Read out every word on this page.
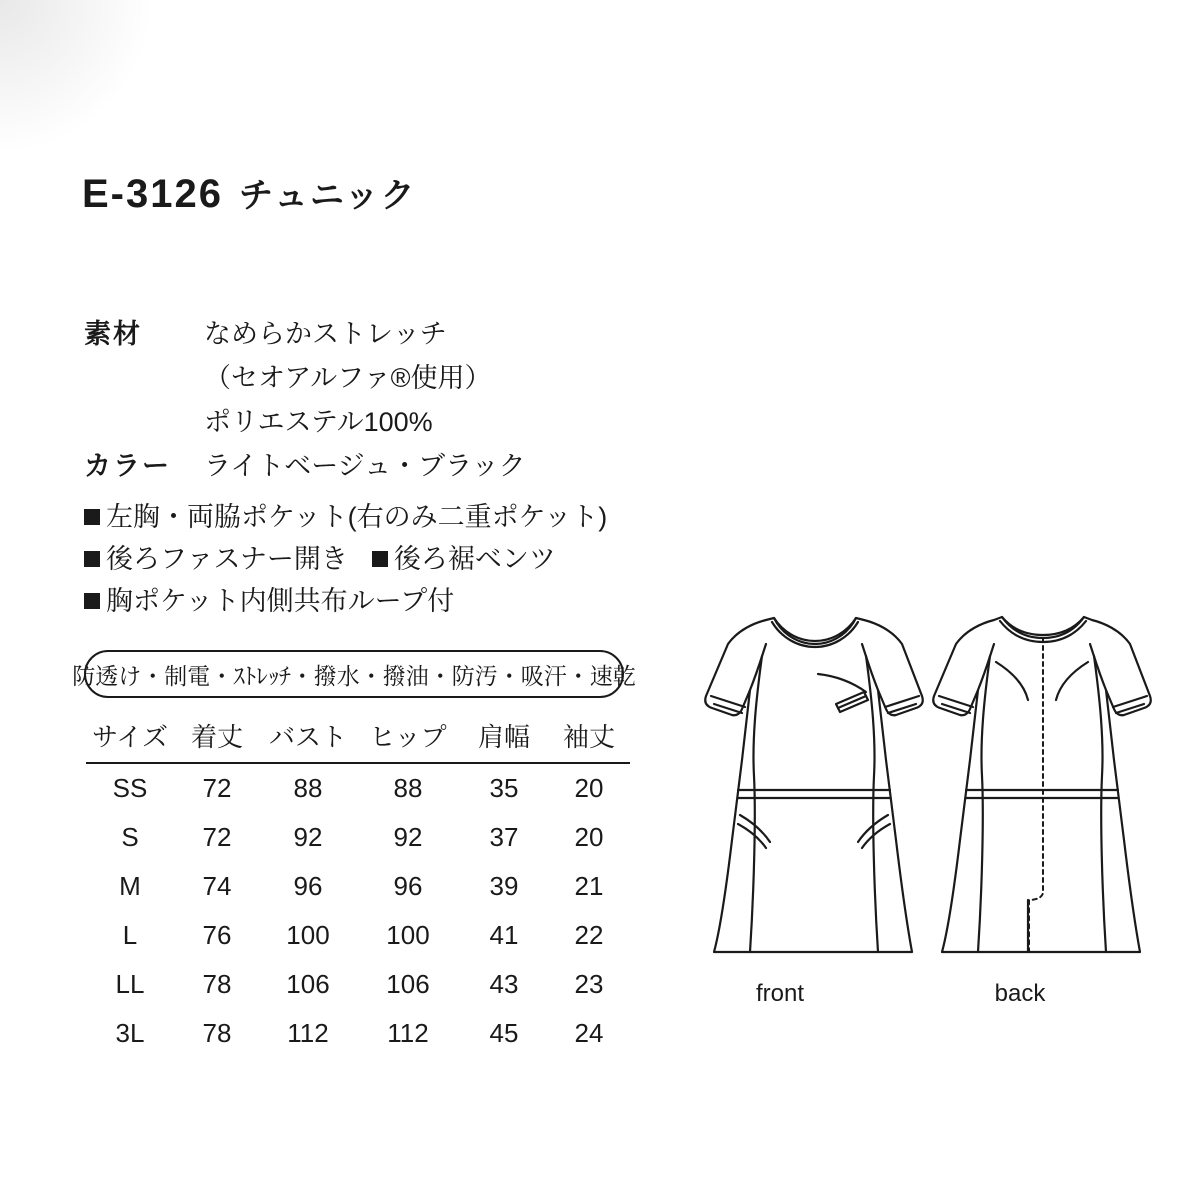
E-3126 チュニック
素材	なめらかストレッチ
（セオアルファ®使用）
ポリエステル100%
カラー	ライトベージュ・ブラック
左胸・両脇ポケット(右のみ二重ポケット)
後ろファスナー開き 後ろ裾ベンツ
胸ポケット内側共布ループ付
防透け・制電・ｽﾄﾚｯﾁ・撥水・撥油・防汚・吸汗・速乾
サイズ	着丈	バスト	ヒップ	肩幅	袖丈
SS	72	88	88	35	20
S	72	92	92	37	20
M	74	96	96	39	21
L	76	100	100	41	22
LL	78	106	106	43	23
3L	78	112	112	45	24
front	back
